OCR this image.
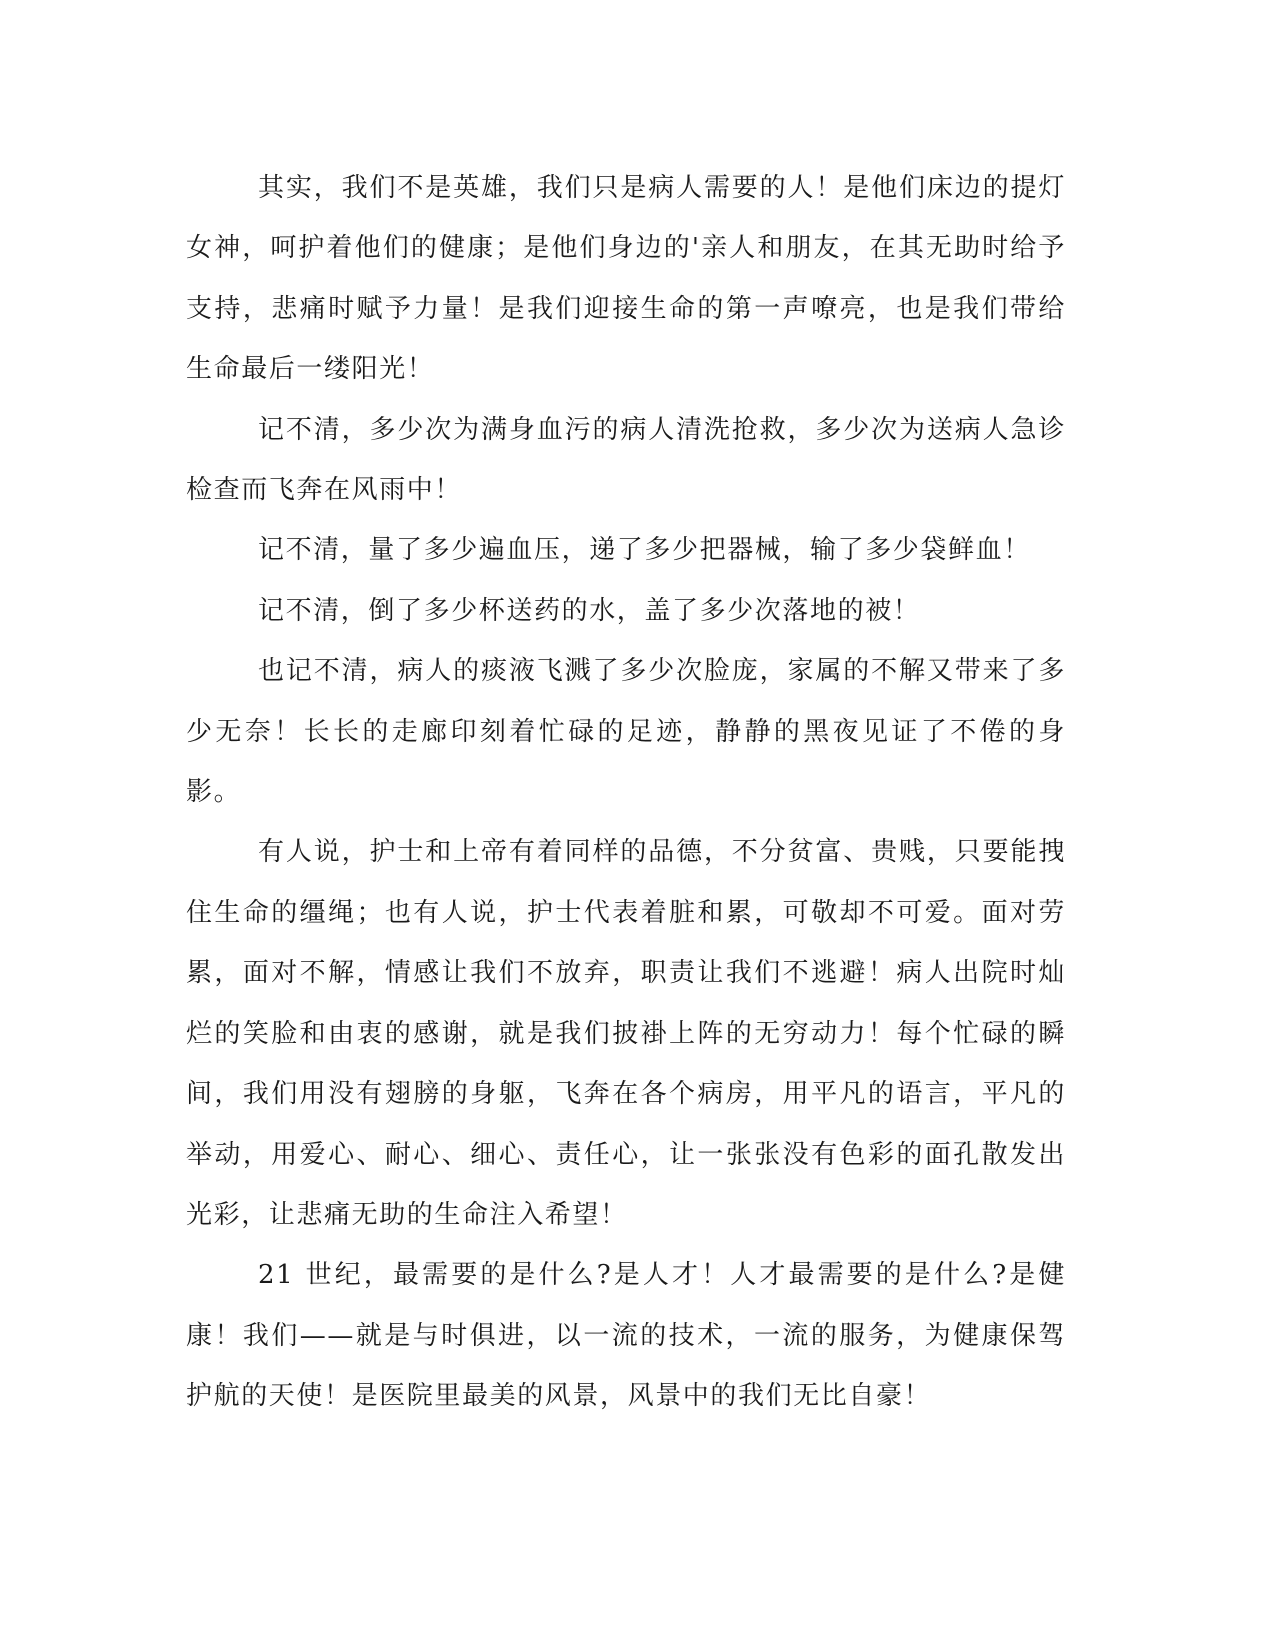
其实，我们不是英雄，我们只是病人需要的人！是他们床边的提灯女神，呵护着他们的健康；是他们身边的'亲人和朋友，在其无助时给予支持，悲痛时赋予力量！是我们迎接生命的第一声嘹亮，也是我们带给生命最后一缕阳光！

记不清，多少次为满身血污的病人清洗抢救，多少次为送病人急诊检查而飞奔在风雨中！

记不清，量了多少遍血压，递了多少把器械，输了多少袋鲜血！

记不清，倒了多少杯送药的水，盖了多少次落地的被！

也记不清，病人的痰液飞溅了多少次脸庞，家属的不解又带来了多少无奈！长长的走廊印刻着忙碌的足迹，静静的黑夜见证了不倦的身影。

有人说，护士和上帝有着同样的品德，不分贫富、贵贱，只要能拽住生命的缰绳；也有人说，护士代表着脏和累，可敬却不可爱。面对劳累，面对不解，情感让我们不放弃，职责让我们不逃避！病人出院时灿烂的笑脸和由衷的感谢，就是我们披褂上阵的无穷动力！每个忙碌的瞬间，我们用没有翅膀的身躯，飞奔在各个病房，用平凡的语言，平凡的举动，用爱心、耐心、细心、责任心，让一张张没有色彩的面孔散发出光彩，让悲痛无助的生命注入希望！

21 世纪，最需要的是什么?是人才！人才最需要的是什么?是健康！我们——就是与时俱进，以一流的技术，一流的服务，为健康保驾护航的天使！是医院里最美的风景，风景中的我们无比自豪！
